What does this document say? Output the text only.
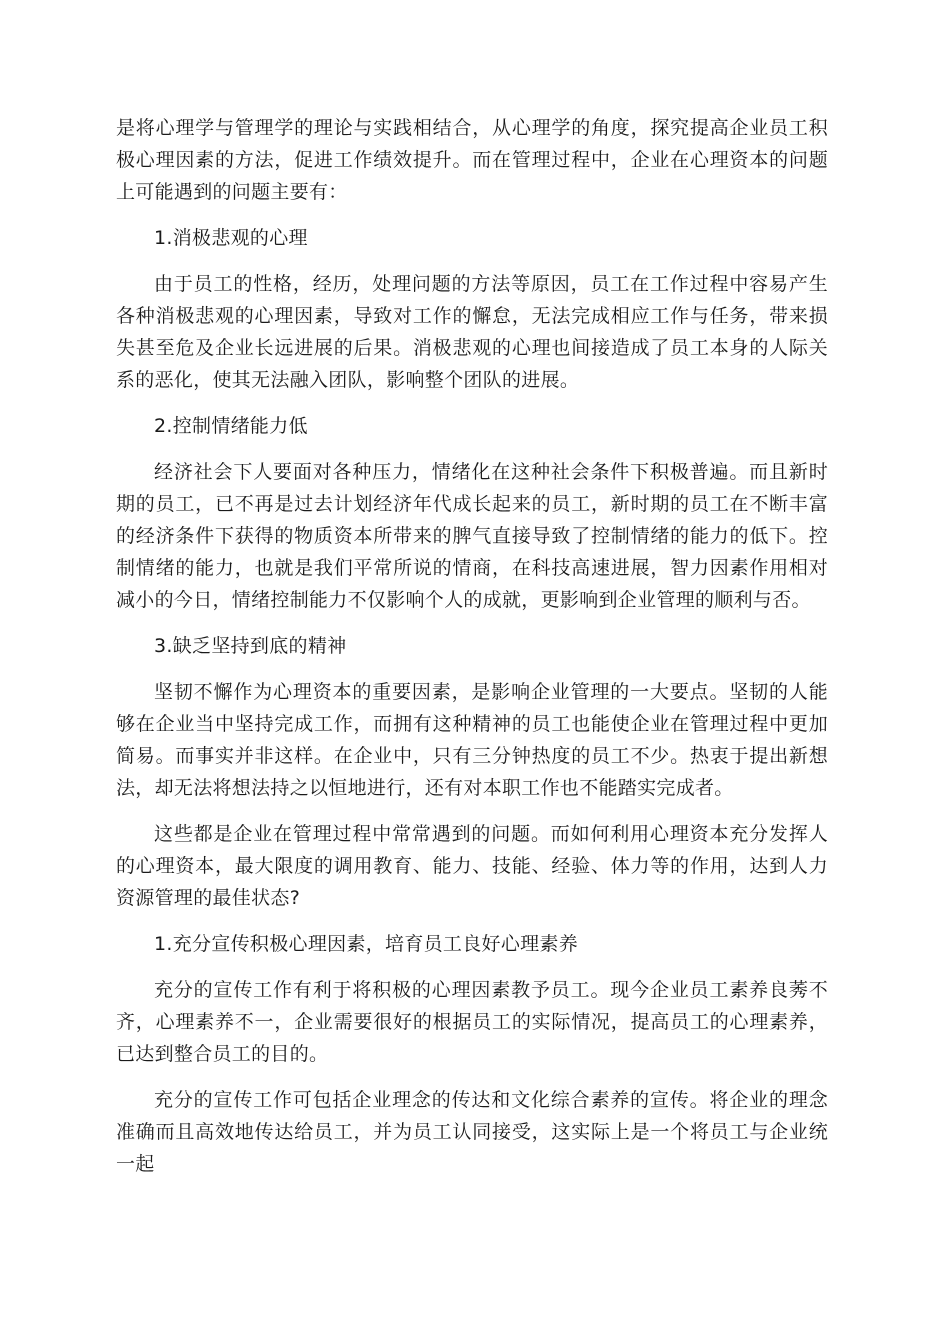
是将心理学与管理学的理论与实践相结合，从心理学的角度，探究提高企业员工积极心理因素的方法，促进工作绩效提升。而在管理过程中，企业在心理资本的问题上可能遇到的问题主要有：

1.消极悲观的心理

由于员工的性格，经历，处理问题的方法等原因，员工在工作过程中容易产生各种消极悲观的心理因素，导致对工作的懈怠，无法完成相应工作与任务，带来损失甚至危及企业长远进展的后果。消极悲观的心理也间接造成了员工本身的人际关系的恶化，使其无法融入团队，影响整个团队的进展。

2.控制情绪能力低

经济社会下人要面对各种压力，情绪化在这种社会条件下积极普遍。而且新时期的员工，已不再是过去计划经济年代成长起来的员工，新时期的员工在不断丰富的经济条件下获得的物质资本所带来的脾气直接导致了控制情绪的能力的低下。控制情绪的能力，也就是我们平常所说的情商，在科技高速进展，智力因素作用相对减小的今日，情绪控制能力不仅影响个人的成就，更影响到企业管理的顺利与否。

3.缺乏坚持到底的精神

坚韧不懈作为心理资本的重要因素，是影响企业管理的一大要点。坚韧的人能够在企业当中坚持完成工作，而拥有这种精神的员工也能使企业在管理过程中更加简易。而事实并非这样。在企业中，只有三分钟热度的员工不少。热衷于提出新想法，却无法将想法持之以恒地进行，还有对本职工作也不能踏实完成者。

这些都是企业在管理过程中常常遇到的问题。而如何利用心理资本充分发挥人的心理资本，最大限度的调用教育、能力、技能、经验、体力等的作用，达到人力资源管理的最佳状态?

1.充分宣传积极心理因素，培育员工良好心理素养

充分的宣传工作有利于将积极的心理因素教予员工。现今企业员工素养良莠不齐，心理素养不一，企业需要很好的根据员工的实际情况，提高员工的心理素养，已达到整合员工的目的。

充分的宣传工作可包括企业理念的传达和文化综合素养的宣传。将企业的理念准确而且高效地传达给员工，并为员工认同接受，这实际上是一个将员工与企业统一起
